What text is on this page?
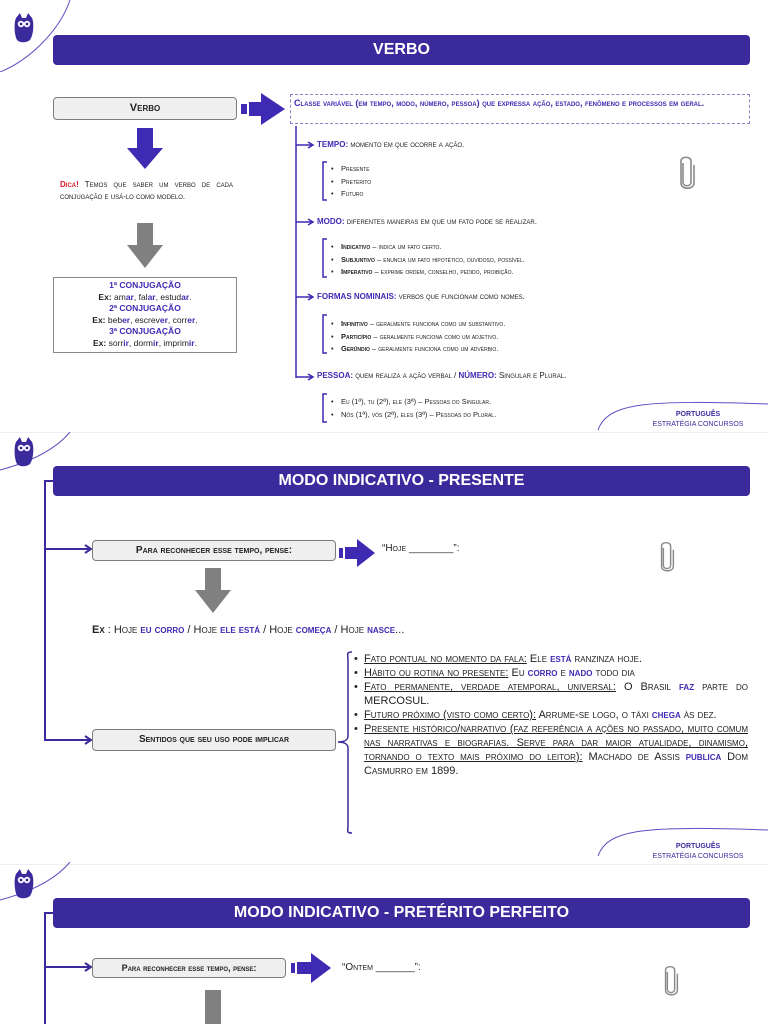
VERBO
Verbo	Classe variável (em tempo, modo, número, pessoa) que expressa ação, estado, fenômeno e processos em geral.
Dica! Temos que saber um verbo de cada conjugação e usá-lo como modelo.
1ª CONJUGAÇÃO
Ex: amar, falar, estudar.
2ª CONJUGAÇÃO
Ex: beber, escrever, correr.
3ª CONJUGAÇÃO
Ex: sorrir, dormir, imprimir.
TEMPO: momento em que ocorre a ação.
• Presente
• Pretérito
• Futuro
MODO: diferentes maneiras em que um fato pode se realizar.
• Indicativo – indica um fato certo.
• Subjuntivo – enuncia um fato hipotético, duvidoso, possível.
• Imperativo – exprime ordem, conselho, pedido, proibição.
FORMAS NOMINAIS: verbos que funcionam como nomes.
• Infinitivo – geralmente funciona como um substantivo.
• Particípio – geralmente funciona como um adjetivo.
• Gerúndio – geralmente funciona como um advérbio.
PESSOA: quem realiza a ação verbal / NÚMERO: Singular e Plural.
• Eu (1ª), tu (2ª), ele (3ª) – Pessoas do Singular.
• Nós (1ª), vós (2ª), eles (3ª) – Pessoas do Plural.	PORTUGUÊS
ESTRATÉGIA CONCURSOS
MODO INDICATIVO - PRESENTE
Para reconhecer esse tempo, pense:	“Hoje ________”:
Ex : Hoje eu corro / Hoje ele está / Hoje começa / Hoje nasce...
Sentidos que seu uso pode implicar
• Fato pontual no momento da fala: Ele está ranzinza hoje.
• Hábito ou rotina no presente: Eu corro e nado todo dia
• Fato permanente, verdade atemporal, universal: O Brasil faz parte do MERCOSUL.
• Futuro próximo (visto como certo): Arrume-se logo, o táxi chega às dez.
• Presente histórico/narrativo (faz referência a ações no passado, muito comum nas narrativas e biografias. Serve para dar maior atualidade, dinamismo, tornando o texto mais próximo do leitor): Machado de Assis publica Dom Casmurro em 1899.
PORTUGUÊS
ESTRATÉGIA CONCURSOS
MODO INDICATIVO - PRETÉRITO PERFEITO
Para reconhecer esse tempo, pense:	“Ontem _______”:
